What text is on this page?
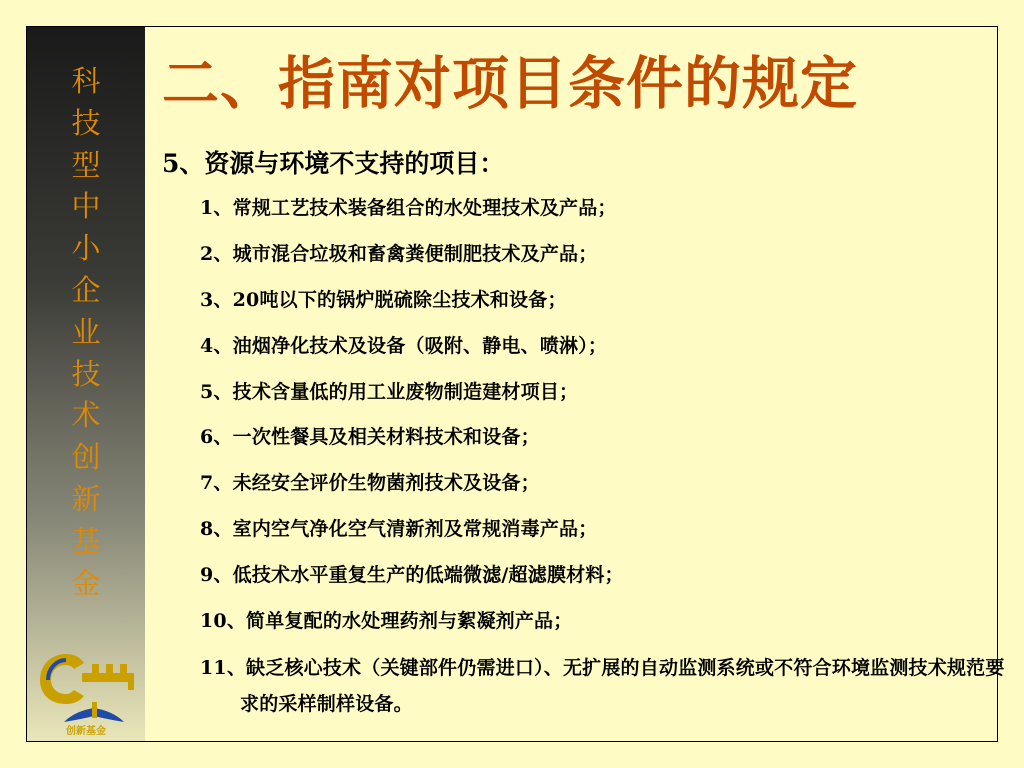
科
技
型
中
小
企
业
技
术
创
新
基
金
创新基金
二、指南对项目条件的规定

5、资源与环境不支持的项目：

1、常规工艺技术装备组合的水处理技术及产品；
2、城市混合垃圾和畜禽粪便制肥技术及产品；
3、20吨以下的锅炉脱硫除尘技术和设备；
4、油烟净化技术及设备（吸附、静电、喷淋）；
5、技术含量低的用工业废物制造建材项目；
6、一次性餐具及相关材料技术和设备；
7、未经安全评价生物菌剂技术及设备；
8、室内空气净化空气清新剂及常规消毒产品；
9、低技术水平重复生产的低端微滤/超滤膜材料；
10、简单复配的水处理药剂与絮凝剂产品；
11、缺乏核心技术（关键部件仍需进口）、无扩展的自动监测系统或不符合环境监测技术规范要求的采样制样设备。
